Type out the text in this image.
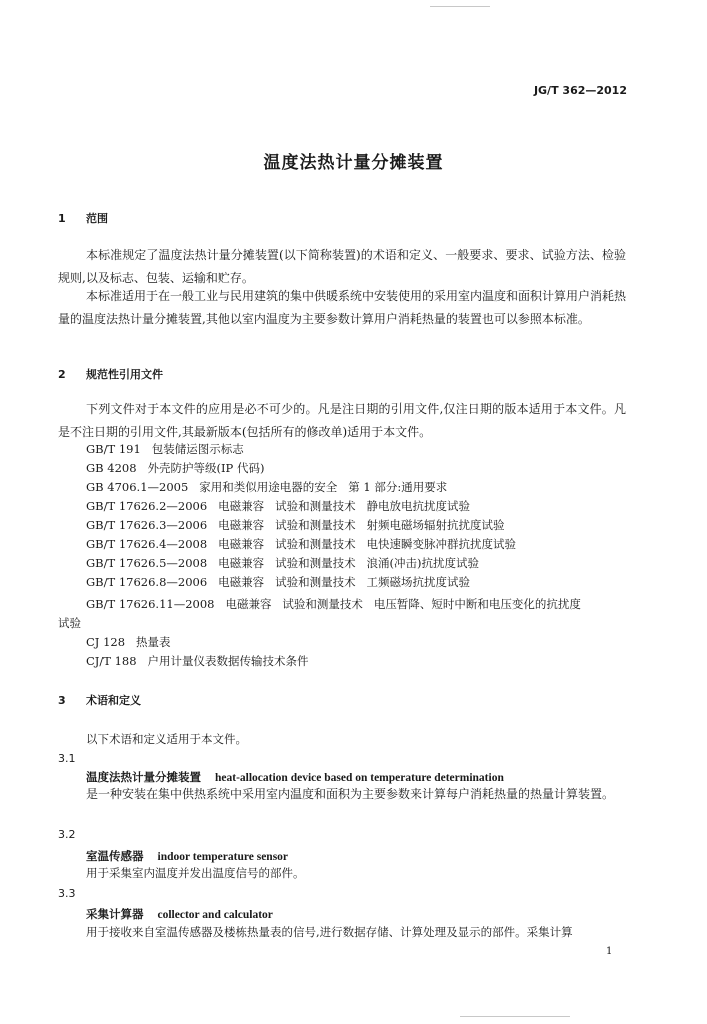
JG/T 362—2012
温度法热计量分摊装置
1 范围
本标准规定了温度法热计量分摊装置(以下简称装置)的术语和定义、一般要求、要求、试验方法、检验规则,以及标志、包装、运输和贮存。
本标准适用于在一般工业与民用建筑的集中供暖系统中安装使用的采用室内温度和面积计算用户消耗热量的温度法热计量分摊装置,其他以室内温度为主要参数计算用户消耗热量的装置也可以参照本标准。
2 规范性引用文件
下列文件对于本文件的应用是必不可少的。凡是注日期的引用文件,仅注日期的版本适用于本文件。凡是不注日期的引用文件,其最新版本(包括所有的修改单)适用于本文件。
GB/T 191   包装储运图示标志
GB 4208   外壳防护等级(IP 代码)
GB 4706.1—2005   家用和类似用途电器的安全   第 1 部分:通用要求
GB/T 17626.2—2006   电磁兼容   试验和测量技术   静电放电抗扰度试验
GB/T 17626.3—2006   电磁兼容   试验和测量技术   射频电磁场辐射抗扰度试验
GB/T 17626.4—2008   电磁兼容   试验和测量技术   电快速瞬变脉冲群抗扰度试验
GB/T 17626.5—2008   电磁兼容   试验和测量技术   浪涌(冲击)抗扰度试验
GB/T 17626.8—2006   电磁兼容   试验和测量技术   工频磁场抗扰度试验
GB/T 17626.11—2008   电磁兼容   试验和测量技术   电压暂降、短时中断和电压变化的抗扰度
试验
CJ 128   热量表
CJ/T 188   户用计量仪表数据传输技术条件
3 术语和定义
以下术语和定义适用于本文件。
3.1
温度法热计量分摊装置 heat-allocation device based on temperature determination
是一种安装在集中供热系统中采用室内温度和面积为主要参数来计算每户消耗热量的热量计算装置。
3.2
室温传感器 indoor temperature sensor
用于采集室内温度并发出温度信号的部件。
3.3
采集计算器 collector and calculator
用于接收来自室温传感器及楼栋热量表的信号,进行数据存储、计算处理及显示的部件。采集计算
1
